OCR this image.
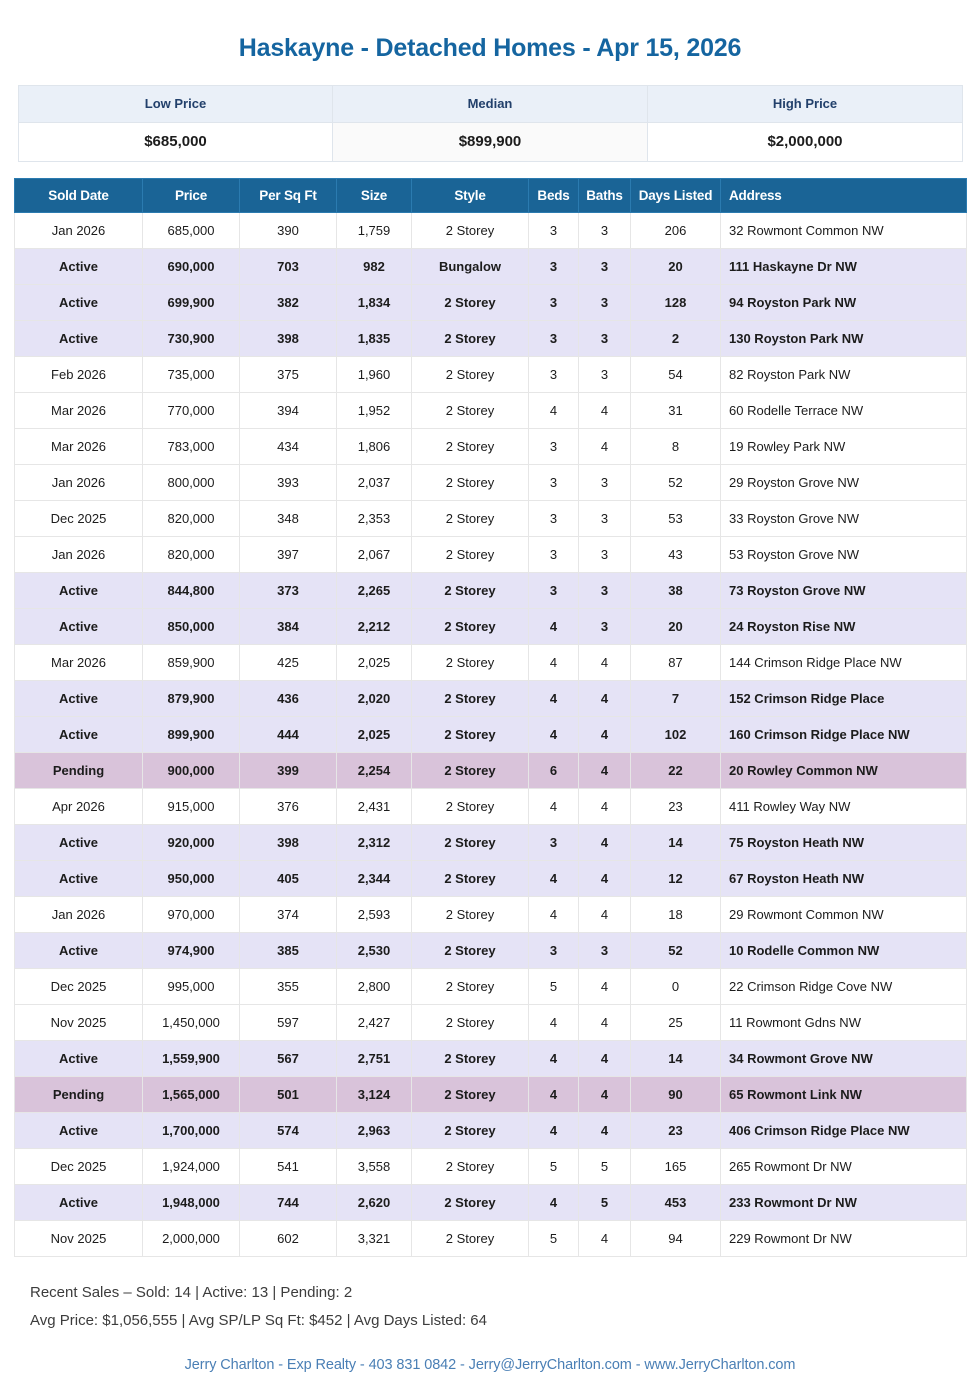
Haskayne - Detached Homes - Apr 15, 2026
Low Price	Median	High Price
$685,000	$899,900	$2,000,000
Sold Date	Price	Per Sq Ft	Size	Style	Beds	Baths	Days Listed	Address
Jan 2026	685,000	390	1,759	2 Storey	3	3	206	32 Rowmont Common NW
Active	690,000	703	982	Bungalow	3	3	20	111 Haskayne Dr NW
Active	699,900	382	1,834	2 Storey	3	3	128	94 Royston Park NW
Active	730,900	398	1,835	2 Storey	3	3	2	130 Royston Park NW
Feb 2026	735,000	375	1,960	2 Storey	3	3	54	82 Royston Park NW
Mar 2026	770,000	394	1,952	2 Storey	4	4	31	60 Rodelle Terrace NW
Mar 2026	783,000	434	1,806	2 Storey	3	4	8	19 Rowley Park NW
Jan 2026	800,000	393	2,037	2 Storey	3	3	52	29 Royston Grove NW
Dec 2025	820,000	348	2,353	2 Storey	3	3	53	33 Royston Grove NW
Jan 2026	820,000	397	2,067	2 Storey	3	3	43	53 Royston Grove NW
Active	844,800	373	2,265	2 Storey	3	3	38	73 Royston Grove NW
Active	850,000	384	2,212	2 Storey	4	3	20	24 Royston Rise NW
Mar 2026	859,900	425	2,025	2 Storey	4	4	87	144 Crimson Ridge Place NW
Active	879,900	436	2,020	2 Storey	4	4	7	152 Crimson Ridge Place
Active	899,900	444	2,025	2 Storey	4	4	102	160 Crimson Ridge Place NW
Pending	900,000	399	2,254	2 Storey	6	4	22	20 Rowley Common NW
Apr 2026	915,000	376	2,431	2 Storey	4	4	23	411 Rowley Way NW
Active	920,000	398	2,312	2 Storey	3	4	14	75 Royston Heath NW
Active	950,000	405	2,344	2 Storey	4	4	12	67 Royston Heath NW
Jan 2026	970,000	374	2,593	2 Storey	4	4	18	29 Rowmont Common NW
Active	974,900	385	2,530	2 Storey	3	3	52	10 Rodelle Common NW
Dec 2025	995,000	355	2,800	2 Storey	5	4	0	22 Crimson Ridge Cove NW
Nov 2025	1,450,000	597	2,427	2 Storey	4	4	25	11 Rowmont Gdns NW
Active	1,559,900	567	2,751	2 Storey	4	4	14	34 Rowmont Grove NW
Pending	1,565,000	501	3,124	2 Storey	4	4	90	65 Rowmont Link NW
Active	1,700,000	574	2,963	2 Storey	4	4	23	406 Crimson Ridge Place NW
Dec 2025	1,924,000	541	3,558	2 Storey	5	5	165	265 Rowmont Dr NW
Active	1,948,000	744	2,620	2 Storey	4	5	453	233 Rowmont Dr NW
Nov 2025	2,000,000	602	3,321	2 Storey	5	4	94	229 Rowmont Dr NW
Recent Sales – Sold: 14 | Active: 13 | Pending: 2
Avg Price: $1,056,555 | Avg SP/LP Sq Ft: $452 | Avg Days Listed: 64
Jerry Charlton - Exp Realty - 403 831 0842 - Jerry@JerryCharlton.com - www.JerryCharlton.com
